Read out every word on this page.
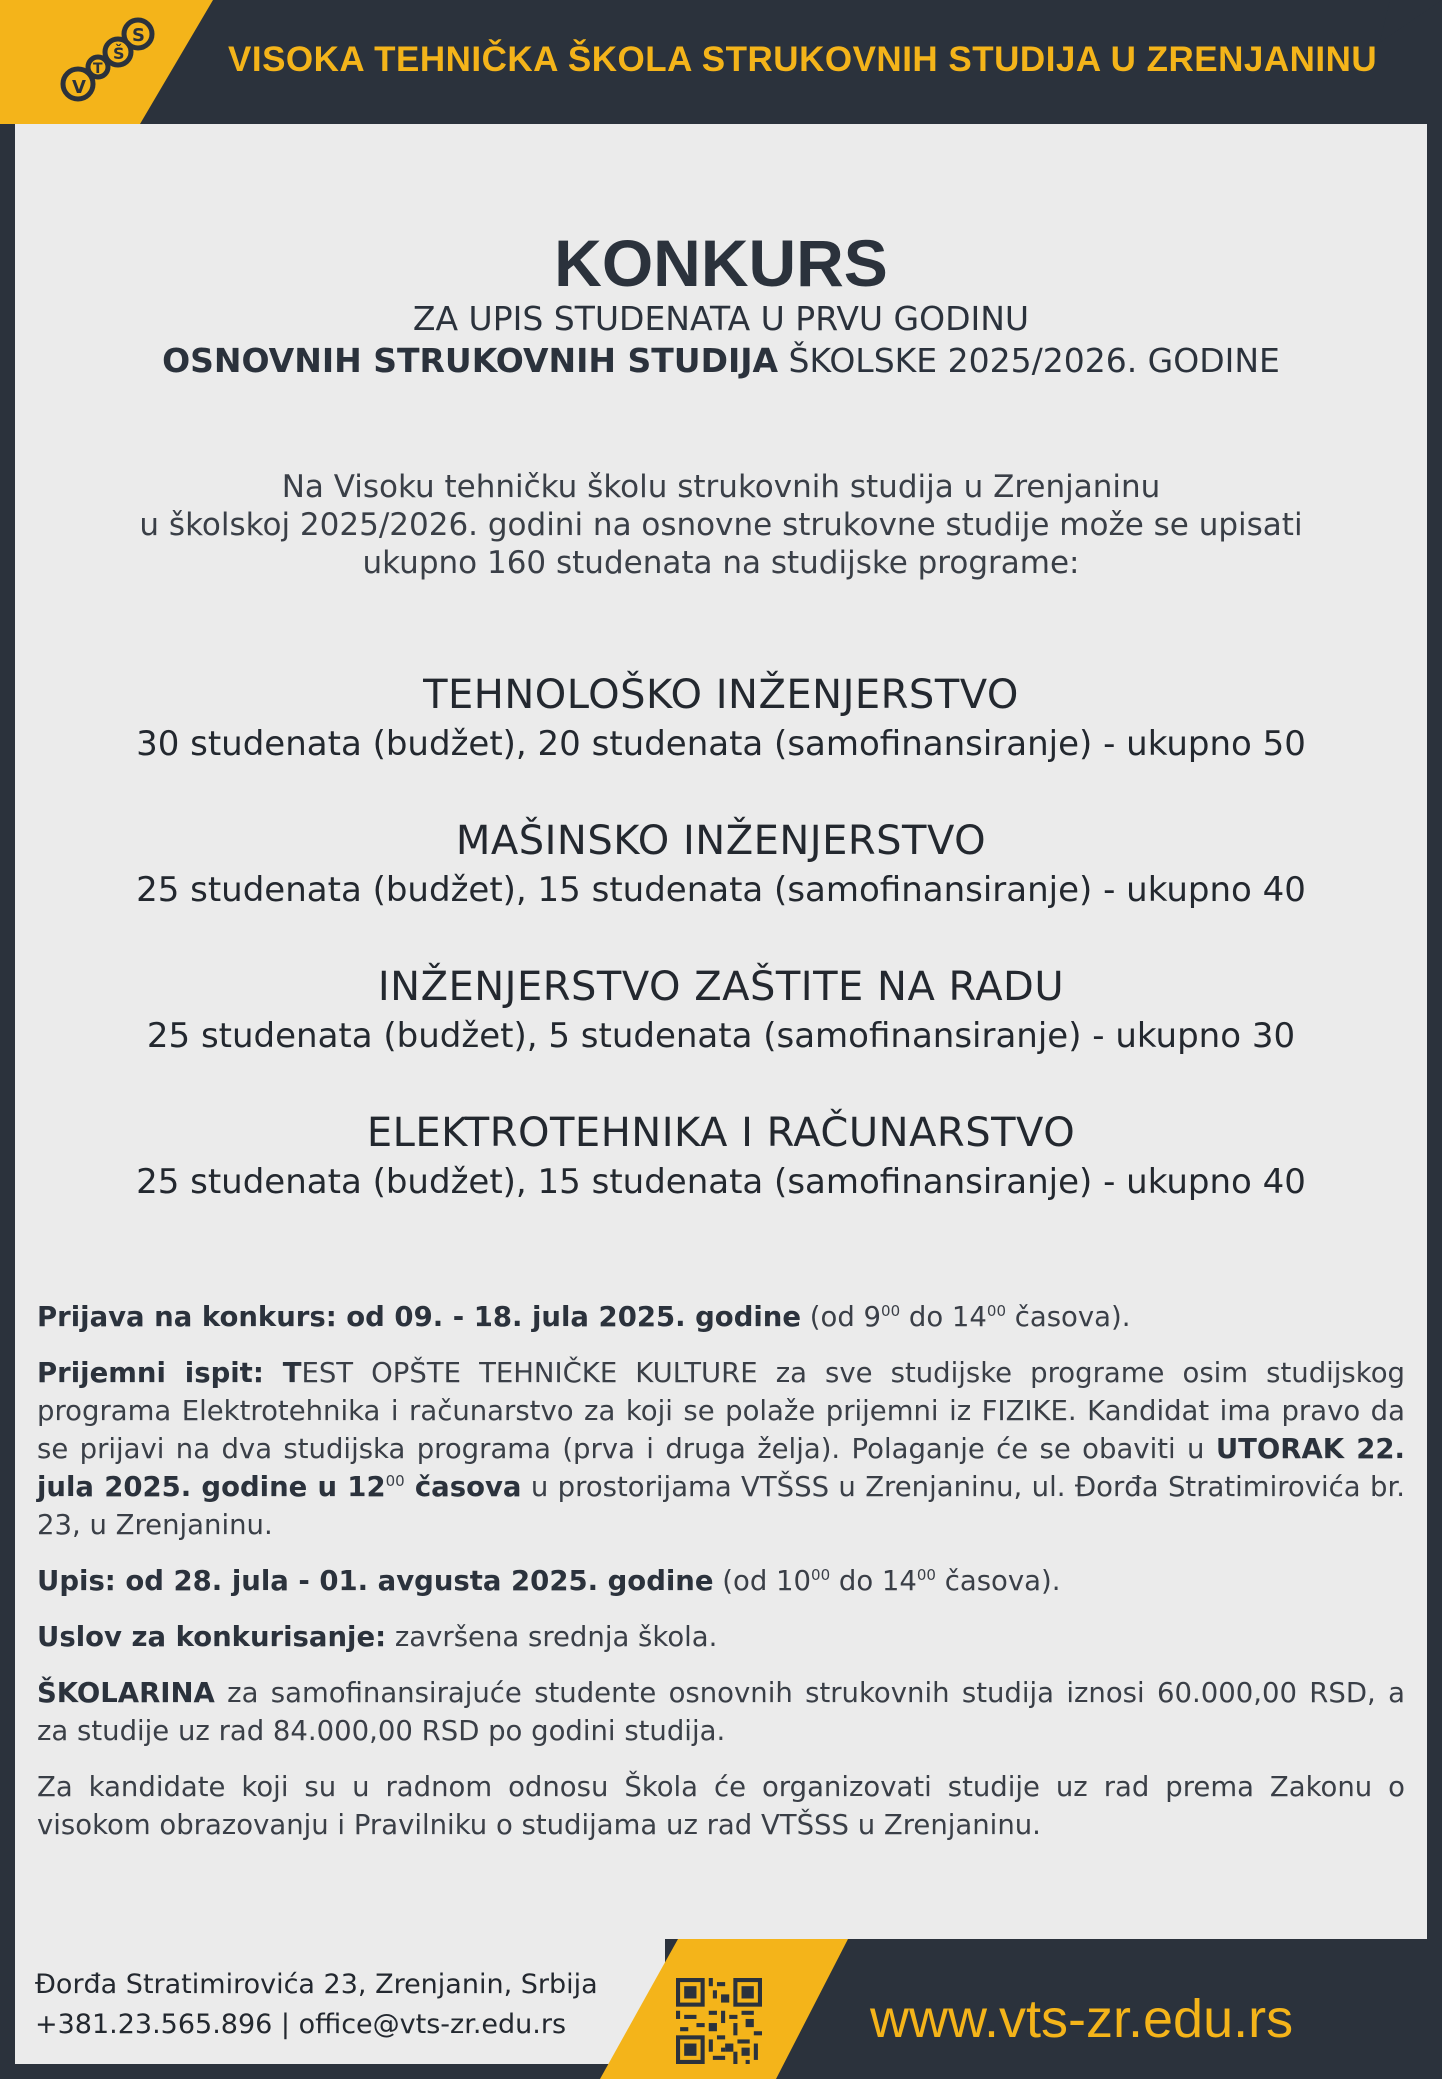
V
T
Š
S
VISOKA TEHNIČKA ŠKOLA STRUKOVNIH STUDIJA U ZRENJANINU
KONKURS
ZA UPIS STUDENATA U PRVU GODINU
OSNOVNIH STRUKOVNIH STUDIJA ŠKOLSKE 2025/2026. GODINE
Na Visoku tehničku školu strukovnih studija u Zrenjaninu
u školskoj 2025/2026. godini na osnovne strukovne studije može se upisati
ukupno 160 studenata na studijske programe:
TEHNOLOŠKO INŽENJERSTVO
30 studenata (budžet), 20 studenata (samofinansiranje) - ukupno 50
MAŠINSKO INŽENJERSTVO
25 studenata (budžet), 15 studenata (samofinansiranje) - ukupno 40
INŽENJERSTVO ZAŠTITE NA RADU
25 studenata (budžet), 5 studenata (samofinansiranje) - ukupno 30
ELEKTROTEHNIKA I RAČUNARSTVO
25 studenata (budžet), 15 studenata (samofinansiranje) - ukupno 40

Prijava na konkurs: od 09. - 18. jula 2025. godine (od $9^{00}$ do $14^{00}$ časova).

Prijemni ispit: TEST OPŠTE TEHNIČKE KULTURE za sve studijske programe osim studijskog programa Elektrotehnika i računarstvo za koji se polaže prijemni iz FIZIKE. Kandidat ima pravo da se prijavi na dva studijska programa (prva i druga želja). Polaganje će se obaviti u UTORAK 22. jula 2025. godine u $12^{00}$ časova u prostorijama VTŠSS u Zrenjaninu, ul. Đorđa Stratimirovića br. 23, u Zrenjaninu.

Upis: od 28. jula - 01. avgusta 2025. godine (od $10^{00}$ do $14^{00}$ časova).

Uslov za konkurisanje: završena srednja škola.

ŠKOLARINA za samofinansirajuće studente osnovnih strukovnih studija iznosi 60.000,00 RSD, a za studije uz rad 84.000,00 RSD po godini studija.

Za kandidate koji su u radnom odnosu Škola će organizovati studije uz rad prema Zakonu o visokom obrazovanju i Pravilniku o studijama uz rad VTŠSS u Zrenjaninu.

Đorđa Stratimirovića 23, Zrenjanin, Srbija
+381.23.565.896 | office@vts-zr.edu.rs	www.vts-zr.edu.rs
